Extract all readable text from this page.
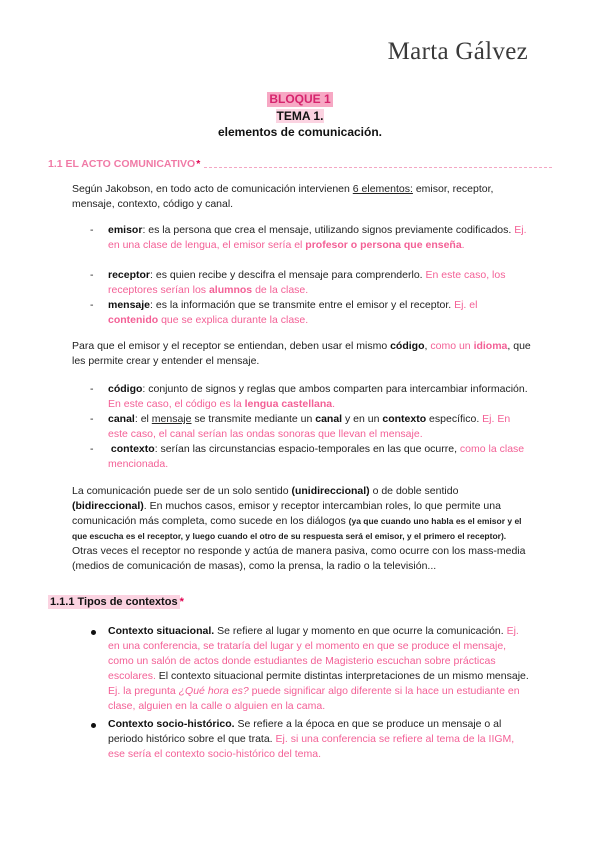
Marta Gálvez
BLOQUE 1
TEMA 1.
elementos de comunicación.
1.1 EL ACTO COMUNICATIVO *
Según Jakobson, en todo acto de comunicación intervienen 6 elementos: emisor, receptor, mensaje, contexto, código y canal.
- emisor: es la persona que crea el mensaje, utilizando signos previamente codificados. Ej. en una clase de lengua, el emisor sería el profesor o persona que enseña.
- receptor: es quien recibe y descifra el mensaje para comprenderlo. En este caso, los receptores serían los alumnos de la clase.
- mensaje: es la información que se transmite entre el emisor y el receptor. Ej. el contenido que se explica durante la clase.
Para que el emisor y el receptor se entiendan, deben usar el mismo código, como un idioma, que les permite crear y entender el mensaje.
- código: conjunto de signos y reglas que ambos comparten para intercambiar información. En este caso, el código es la lengua castellana.
- canal: el mensaje se transmite mediante un canal y en un contexto específico. Ej. En este caso, el canal serían las ondas sonoras que llevan el mensaje.
- contexto: serían las circunstancias espacio-temporales en las que ocurre, como la clase mencionada.
La comunicación puede ser de un solo sentido (unidireccional) o de doble sentido (bidireccional). En muchos casos, emisor y receptor intercambian roles, lo que permite una comunicación más completa, como sucede en los diálogos (ya que cuando uno habla es el emisor y el que escucha es el receptor, y luego cuando el otro de su respuesta será el emisor, y el primero el receptor). Otras veces el receptor no responde y actúa de manera pasiva, como ocurre con los mass-media (medios de comunicación de masas), como la prensa, la radio o la televisión...
1.1.1 Tipos de contextos *
Contexto situacional. Se refiere al lugar y momento en que ocurre la comunicación. Ej. en una conferencia, se trataría del lugar y el momento en que se produce el mensaje, como un salón de actos donde estudiantes de Magisterio escuchan sobre prácticas escolares. El contexto situacional permite distintas interpretaciones de un mismo mensaje. Ej. la pregunta ¿Qué hora es? puede significar algo diferente si la hace un estudiante en clase, alguien en la calle o alguien en la cama.
Contexto socio-histórico. Se refiere a la época en que se produce un mensaje o al periodo histórico sobre el que trata. Ej. si una conferencia se refiere al tema de la IIGM, ese sería el contexto socio-histórico del tema.
